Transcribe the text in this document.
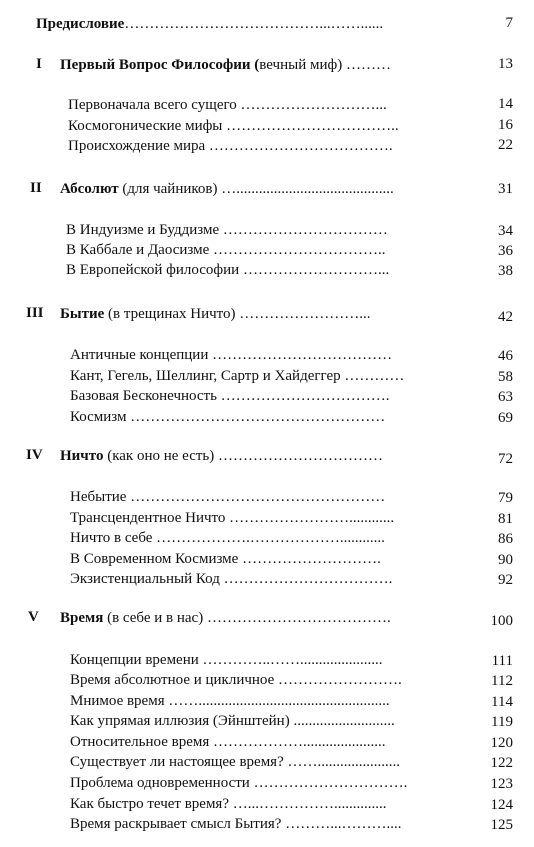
Предисловие…………………………………...……......	7
I Первый Вопрос Философии (вечный миф) ………	13
Первоначала всего сущего ………………………...	14
Космогонические мифы ……………………………..	16
Происхождение мира ……………………………….	22
II Абсолют (для чайников) …..........................................	31
В Индуизме и Буддизме ……………………………	34
В Каббале и Даосизме ……………………………..	36
В Европейской философии ………………………...	38
III Бытие (в трещинах Ничто) ……………………...	42
Античные концепции ………………………………	46
Кант, Гегель, Шеллинг, Сартр и Хайдеггер …………	58
Базовая Бесконечность …………………………….	63
Космизм ……………………………………………	69
IV Ничто (как оно не есть) ……………………………	72
Небытие ……………………………………………	79
Трансцендентное Ничто ……………………............	81
Ничто в себе ……………….………………............	86
В Современном Космизме ……………………….	90
Экзистенциальный Код …………………………….	92
V Время (в себе и в нас) ……………………………….	100
Концепции времени …………..……......................	111
Время абсолютное и цикличное …………………….	112
Мнимое время ……...................................................	114
Как упрямая иллюзия (Эйнштейн) ...........................	119
Относительное время ………………......................	120
Существует ли настоящее время? ……......................	122
Проблема одновременности ………………………….	123
Как быстро течет время? …...……………..............	124
Время раскрывает смысл Бытия? ………...………....	125
